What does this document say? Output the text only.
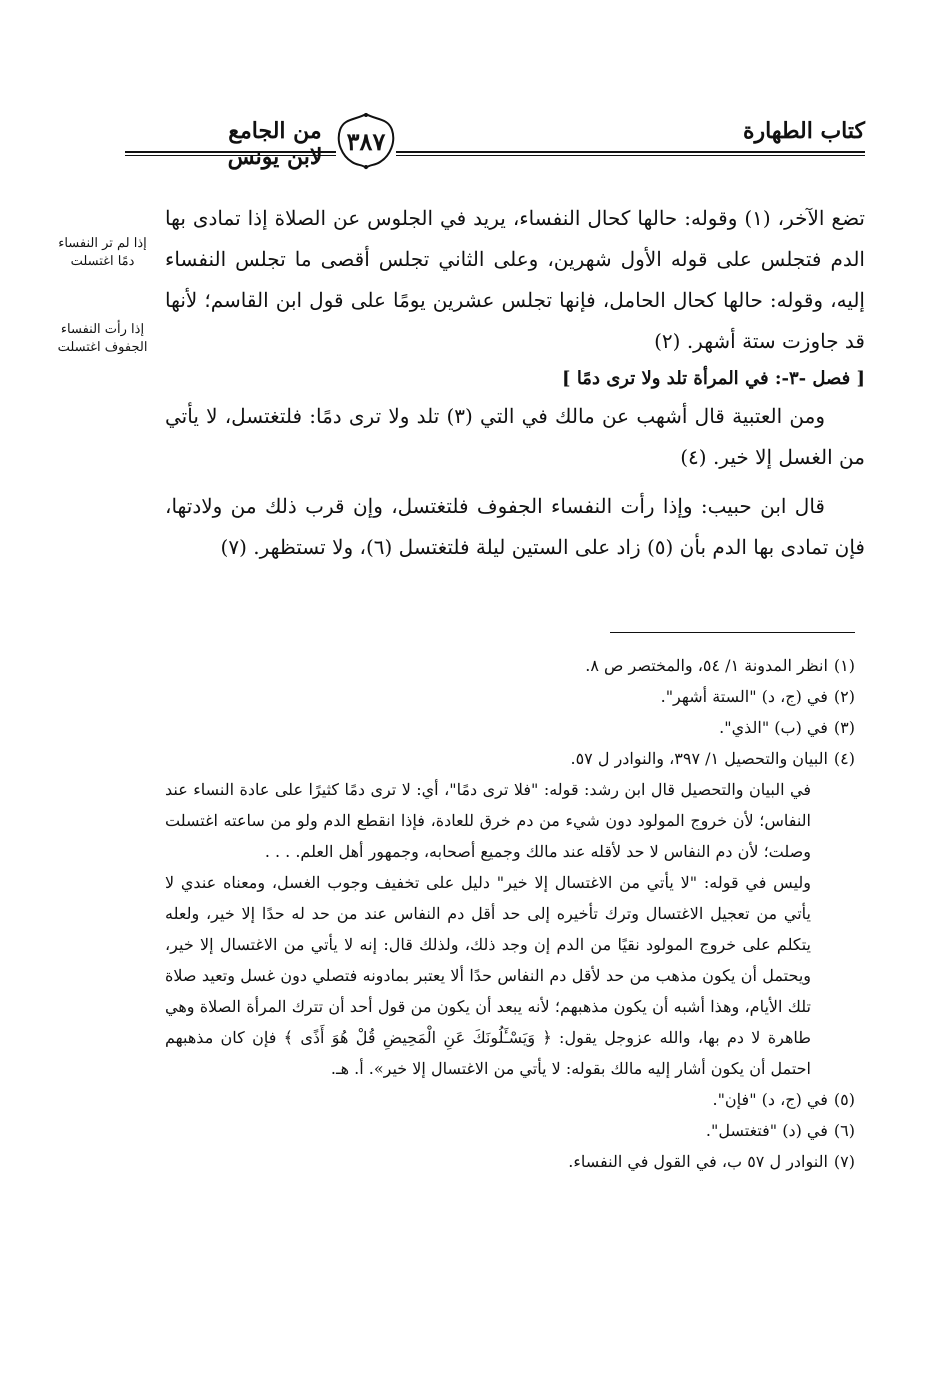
كتاب الطهارة
من الجامع لابن يونس
٣٨٧
إذا لم تر النفساء دمًا اغتسلت
إذا رأت النفساء الجفوف اغتسلت

تضع الآخر، (١) وقوله: حالها كحال النفساء، يريد في الجلوس عن الصلاة إذا تمادى بها الدم فتجلس على قوله الأول شهرين، وعلى الثاني تجلس أقصى ما تجلس النفساء إليه، وقوله: حالها كحال الحامل، فإنها تجلس عشرين يومًا على قول ابن القاسم؛ لأنها قد جاوزت ستة أشهر. (٢)

[ فصل -٣-: في المرأة تلد ولا ترى دمًا ]

ومن العتبية قال أشهب عن مالك في التي (٣) تلد ولا ترى دمًا: فلتغتسل، لا يأتي من الغسل إلا خير. (٤)

قال ابن حبيب: وإذا رأت النفساء الجفوف فلتغتسل، وإن قرب ذلك من ولادتها، فإن تمادى بها الدم بأن (٥) زاد على الستين ليلة فلتغتسل (٦)، ولا تستظهر. (٧)

(١)انظر المدونة ١/ ٥٤، والمختصر ص ٨.

(٢)في (ج، د) "الستة أشهر".

(٣)في (ب) "الذي".

(٤)البيان والتحصيل ١/ ٣٩٧، والنوادر ل ٥٧.

في البيان والتحصيل قال ابن رشد: قوله: "فلا ترى دمًا"، أي: لا ترى دمًا كثيرًا على عادة النساء عند النفاس؛ لأن خروج المولود دون شيء من دم خرق للعادة، فإذا انقطع الدم ولو من ساعته اغتسلت وصلت؛ لأن دم النفاس لا حد لأقله عند مالك وجميع أصحابه، وجمهور أهل العلم. . . .

وليس في قوله: "لا يأتي من الاغتسال إلا خير" دليل على تخفيف وجوب الغسل، ومعناه عندي لا يأتي من تعجيل الاغتسال وترك تأخيره إلى حد أقل دم النفاس عند من حد له حدًا إلا خير، ولعله يتكلم على خروج المولود نقيًا من الدم إن وجد ذلك، ولذلك قال: إنه لا يأتي من الاغتسال إلا خير، ويحتمل أن يكون مذهب من حد لأقل دم النفاس حدًا ألا يعتبر بمادونه فتصلي دون غسل وتعيد صلاة تلك الأيام، وهذا أشبه أن يكون مذهبهم؛ لأنه يبعد أن يكون من قول أحد أن تترك المرأة الصلاة وهي طاهرة لا دم بها، والله عزوجل يقول: ﴿ وَيَسْـَٔلُونَكَ عَنِ الْمَحِيضِ قُلْ هُوَ أَذًى ﴾ فإن كان مذهبهم احتمل أن يكون أشار إليه مالك بقوله: لا يأتي من الاغتسال إلا خير». أ. هـ.

(٥)في (ج، د) "فإن".

(٦)في (د) "فتغتسل".

(٧)النوادر ل ٥٧ ب، في القول في النفساء.
